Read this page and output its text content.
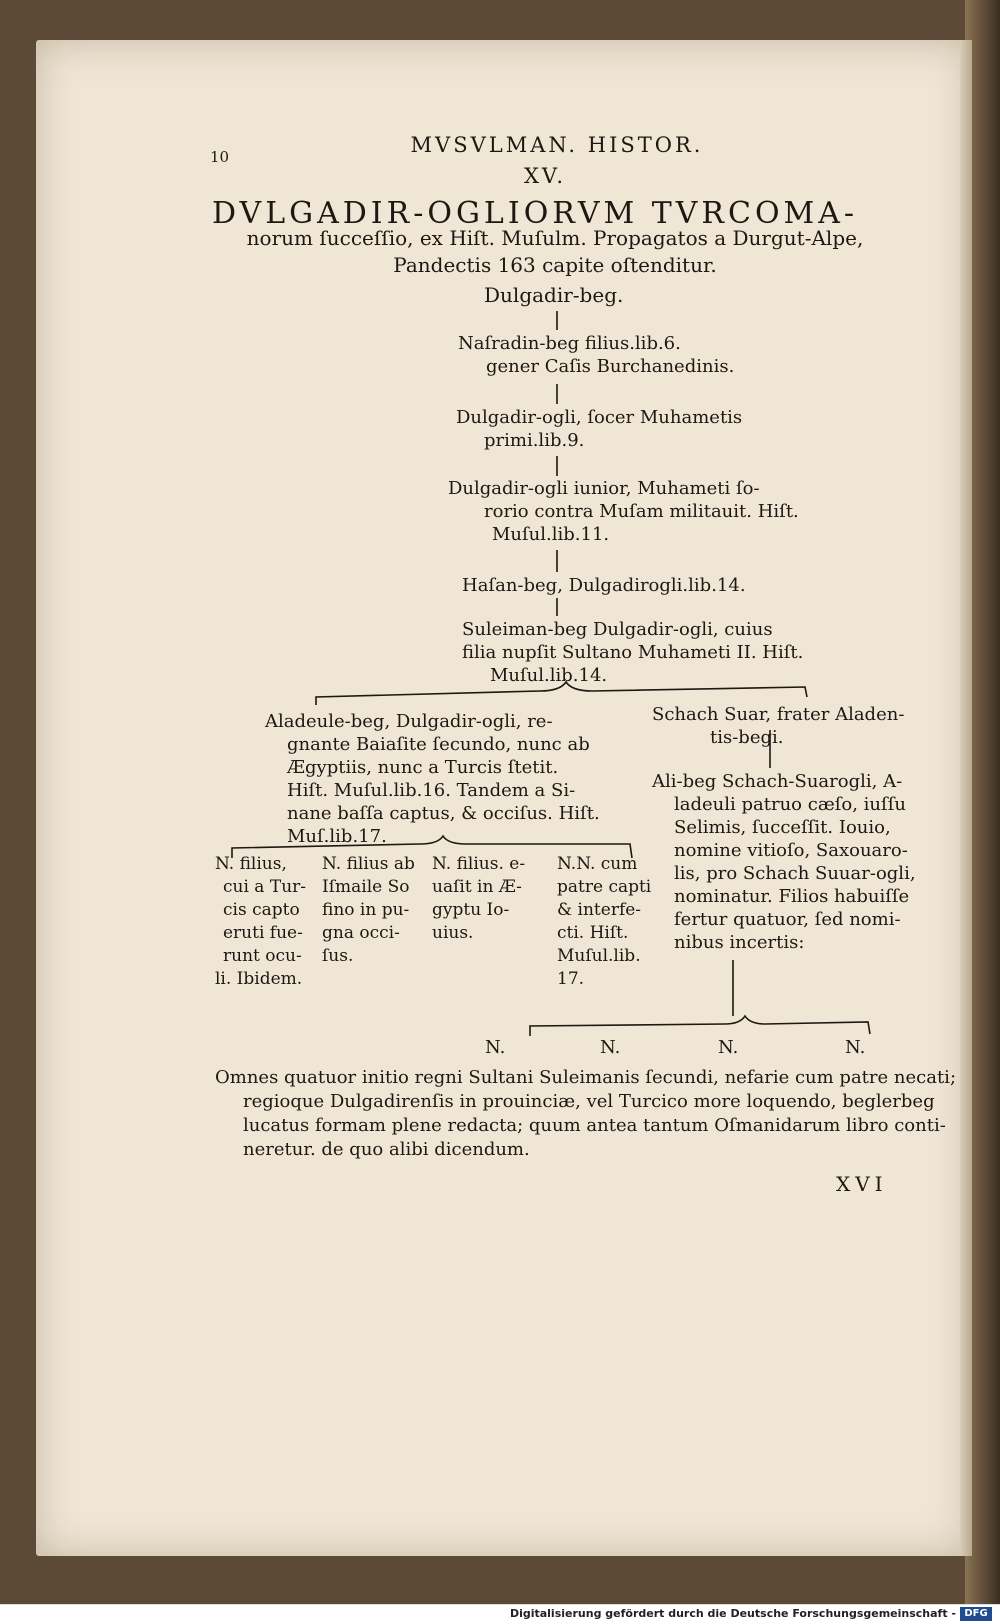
10	MVSVLMAN. HISTOR.

XV.

DVLGADIR-OGLIORVM TVRCOMA-

norum ſucceſſio, ex Hiſt. Muſulm. Propagatos a Durgut-Alpe,

Pandectis 163 capite oſtenditur.

Dulgadir-beg.

Naſradin-beg filius.lib.6.
gener Caſis Burchanedinis.
Dulgadir-ogli, ſocer Muhametis
primi.lib.9.
Dulgadir-ogli iunior, Muhameti ſo-
rorio contra Muſam militauit. Hiſt.
Muſul.lib.11.

Haſan-beg, Dulgadirogli.lib.14.

Suleiman-beg Dulgadir-ogli, cuius
filia nupſit Sultano Muhameti II. Hiſt.
Muſul.lib.14.
Aladeule-beg, Dulgadir-ogli, re-
gnante Baiaſite ſecundo, nunc ab
Ægyptiis, nunc a Turcis ſtetit.
Hiſt. Muſul.lib.16. Tandem a Si-
nane baſſa captus, & occiſus. Hiſt.
Muſ.lib.17.
Schach Suar, frater Aladen-
tis-begi.
Ali-beg Schach-Suarogli, A-
ladeuli patruo cæſo, iuſſu
Selimis, ſucceſſit. Iouio,
nomine vitioſo, Saxouaro-
lis, pro Schach Suuar-ogli,
nominatur. Filios habuiſſe
fertur quatuor, ſed nomi-
nibus incertis:
N. filius,
cui a Tur-
cis capto
eruti fue-
runt ocu-
li. Ibidem.
N. filius ab
Iſmaile So
fino in pu-
gna occi-
ſus.
N. filius. e-
uaſit in Æ-
gyptu Io-
uius.
N.N. cum
patre capti
& interfe-
cti. Hiſt.
Muſul.lib.
17.

N.	N.	N.	N.

Omnes quatuor initio regni Sultani Suleimanis ſecundi, nefarie cum patre necati;
regioque Dulgadirenſis in prouinciæ, vel Turcico more loquendo, beglerbeg
lucatus formam plene redacta; quum antea tantum Oſmanidarum libro conti-
neretur. de quo alibi dicendum.

XVI

Digitalisierung gefördert durch die Deutsche Forschungsgemeinschaft - DFG
